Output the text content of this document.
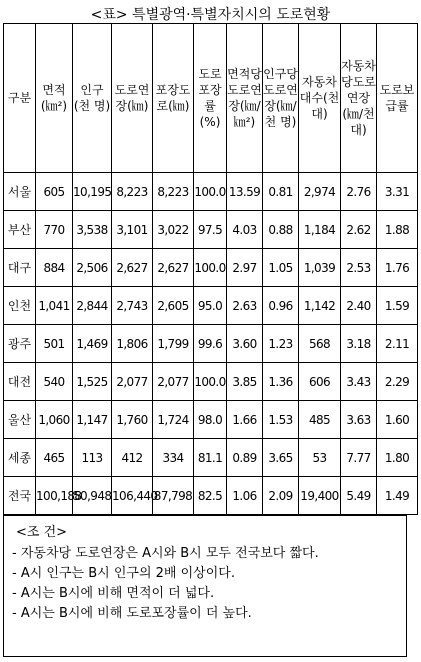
<표> 특별광역·특별자치시의 도로현황
구분	면적(㎞²)	인구(천 명)	도로연장(㎞)	포장도로(㎞)	도로포장률(%)	면적당도로연장(㎞/㎞²)	인구당도로연장(㎞/천 명)	자동차대수(천 대)	자동차당도로연장(㎞/천 대)	도로보급률
서울	605	10,195	8,223	8,223	100.0	13.59	0.81	2,974	2.76	3.31
부산	770	3,538	3,101	3,022	97.5	4.03	0.88	1,184	2.62	1.88
대구	884	2,506	2,627	2,627	100.0	2.97	1.05	1,039	2.53	1.76
인천	1,041	2,844	2,743	2,605	95.0	2.63	0.96	1,142	2.40	1.59
광주	501	1,469	1,806	1,799	99.6	3.60	1.23	568	3.18	2.11
대전	540	1,525	2,077	2,077	100.0	3.85	1.36	606	3.43	2.29
울산	1,060	1,147	1,760	1,724	98.0	1.66	1.53	485	3.63	1.60
세종	465	113	412	334	81.1	0.89	3.65	53	7.77	1.80
전국	100,188	50,948	106,440	87,798	82.5	1.06	2.09	19,400	5.49	1.49
<조 건>
- 자동차당 도로연장은 A시와 B시 모두 전국보다 짧다.
- A시 인구는 B시 인구의 2배 이상이다.
- A시는 B시에 비해 면적이 더 넓다.
- A시는 B시에 비해 도로포장률이 더 높다.
